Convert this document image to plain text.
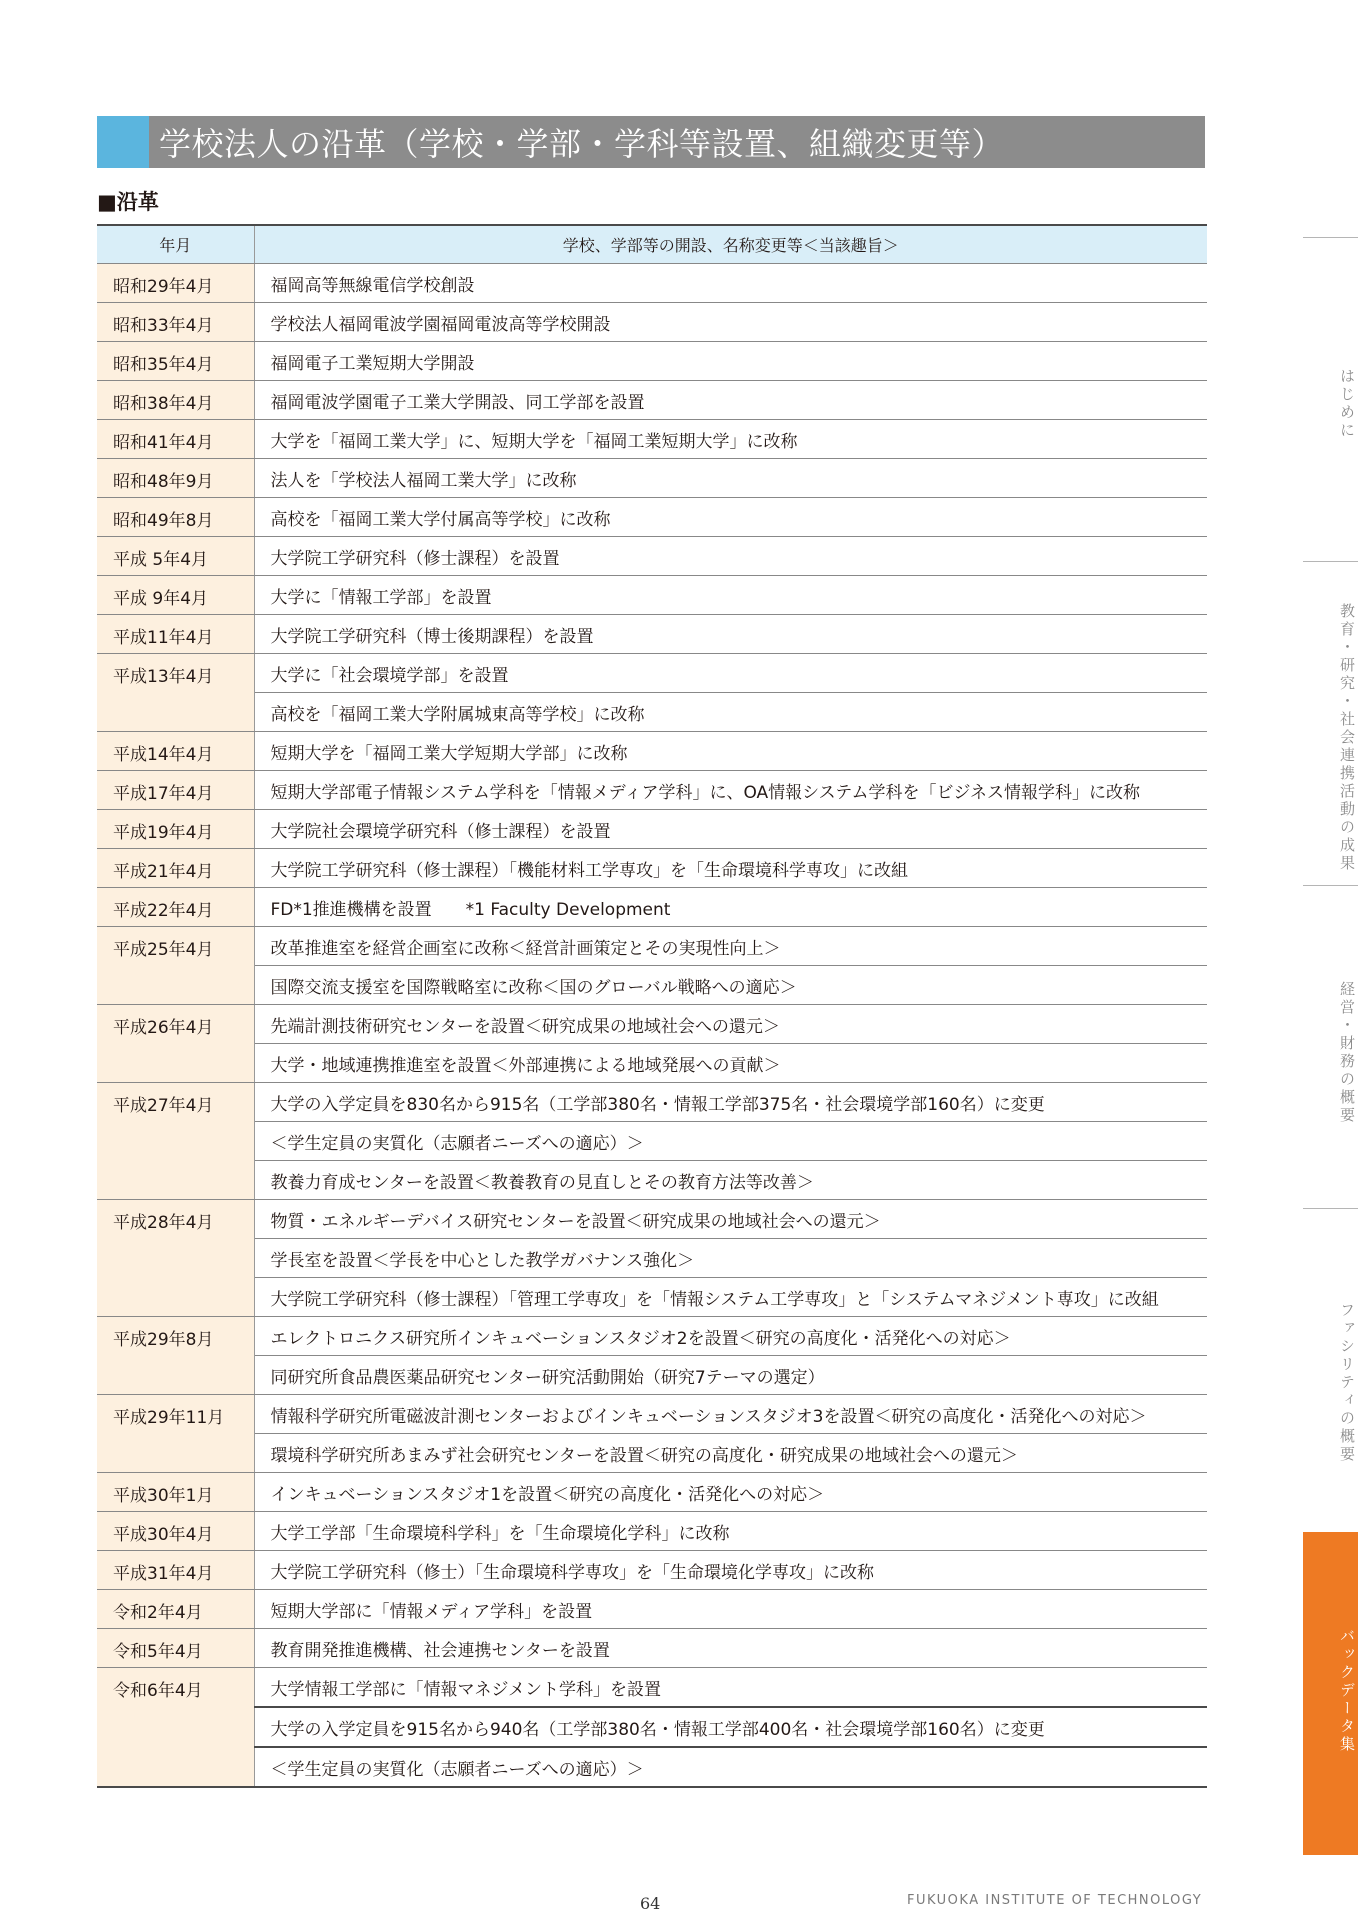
学校法人の沿革（学校・学部・学科等設置、組織変更等）
■沿革
年月	学校、学部等の開設、名称変更等＜当該趣旨＞
昭和29年4月	福岡高等無線電信学校創設
昭和33年4月	学校法人福岡電波学園福岡電波高等学校開設
昭和35年4月	福岡電子工業短期大学開設
昭和38年4月	福岡電波学園電子工業大学開設、同工学部を設置
昭和41年4月	大学を「福岡工業大学」に、短期大学を「福岡工業短期大学」に改称
昭和48年9月	法人を「学校法人福岡工業大学」に改称
昭和49年8月	高校を「福岡工業大学付属高等学校」に改称
平成 5年4月	大学院工学研究科（修士課程）を設置
平成 9年4月	大学に「情報工学部」を設置
平成11年4月	大学院工学研究科（博士後期課程）を設置
平成13年4月	大学に「社会環境学部」を設置
	高校を「福岡工業大学附属城東高等学校」に改称
平成14年4月	短期大学を「福岡工業大学短期大学部」に改称
平成17年4月	短期大学部電子情報システム学科を「情報メディア学科」に、OA情報システム学科を「ビジネス情報学科」に改称
平成19年4月	大学院社会環境学研究科（修士課程）を設置
平成21年4月	大学院工学研究科（修士課程）「機能材料工学専攻」を「生命環境科学専攻」に改組
平成22年4月	FD*1推進機構を設置　　*1 Faculty Development
平成25年4月	改革推進室を経営企画室に改称＜経営計画策定とその実現性向上＞
	国際交流支援室を国際戦略室に改称＜国のグローバル戦略への適応＞
平成26年4月	先端計測技術研究センターを設置＜研究成果の地域社会への還元＞
	大学・地域連携推進室を設置＜外部連携による地域発展への貢献＞
平成27年4月	大学の入学定員を830名から915名（工学部380名・情報工学部375名・社会環境学部160名）に変更
	＜学生定員の実質化（志願者ニーズへの適応）＞
	教養力育成センターを設置＜教養教育の見直しとその教育方法等改善＞
平成28年4月	物質・エネルギーデバイス研究センターを設置＜研究成果の地域社会への還元＞
	学長室を設置＜学長を中心とした教学ガバナンス強化＞
	大学院工学研究科（修士課程）「管理工学専攻」を「情報システム工学専攻」と「システムマネジメント専攻」に改組
平成29年8月	エレクトロニクス研究所インキュベーションスタジオ2を設置＜研究の高度化・活発化への対応＞
	同研究所食品農医薬品研究センター研究活動開始（研究7テーマの選定）
平成29年11月	情報科学研究所電磁波計測センターおよびインキュベーションスタジオ3を設置＜研究の高度化・活発化への対応＞
	環境科学研究所あまみず社会研究センターを設置＜研究の高度化・研究成果の地域社会への還元＞
平成30年1月	インキュベーションスタジオ1を設置＜研究の高度化・活発化への対応＞
平成30年4月	大学工学部「生命環境科学科」を「生命環境化学科」に改称
平成31年4月	大学院工学研究科（修士）「生命環境科学専攻」を「生命環境化学専攻」に改称
令和2年4月	短期大学部に「情報メディア学科」を設置
令和5年4月	教育開発推進機構、社会連携センターを設置
令和6年4月	大学情報工学部に「情報マネジメント学科」を設置
	大学の入学定員を915名から940名（工学部380名・情報工学部400名・社会環境学部160名）に変更
	＜学生定員の実質化（志願者ニーズへの適応）＞
はじめに
教育・研究・社会連携活動の成果
経営・財務の概要
ファシリティの概要
バックデータ集
64	FUKUOKA INSTITUTE OF TECHNOLOGY
